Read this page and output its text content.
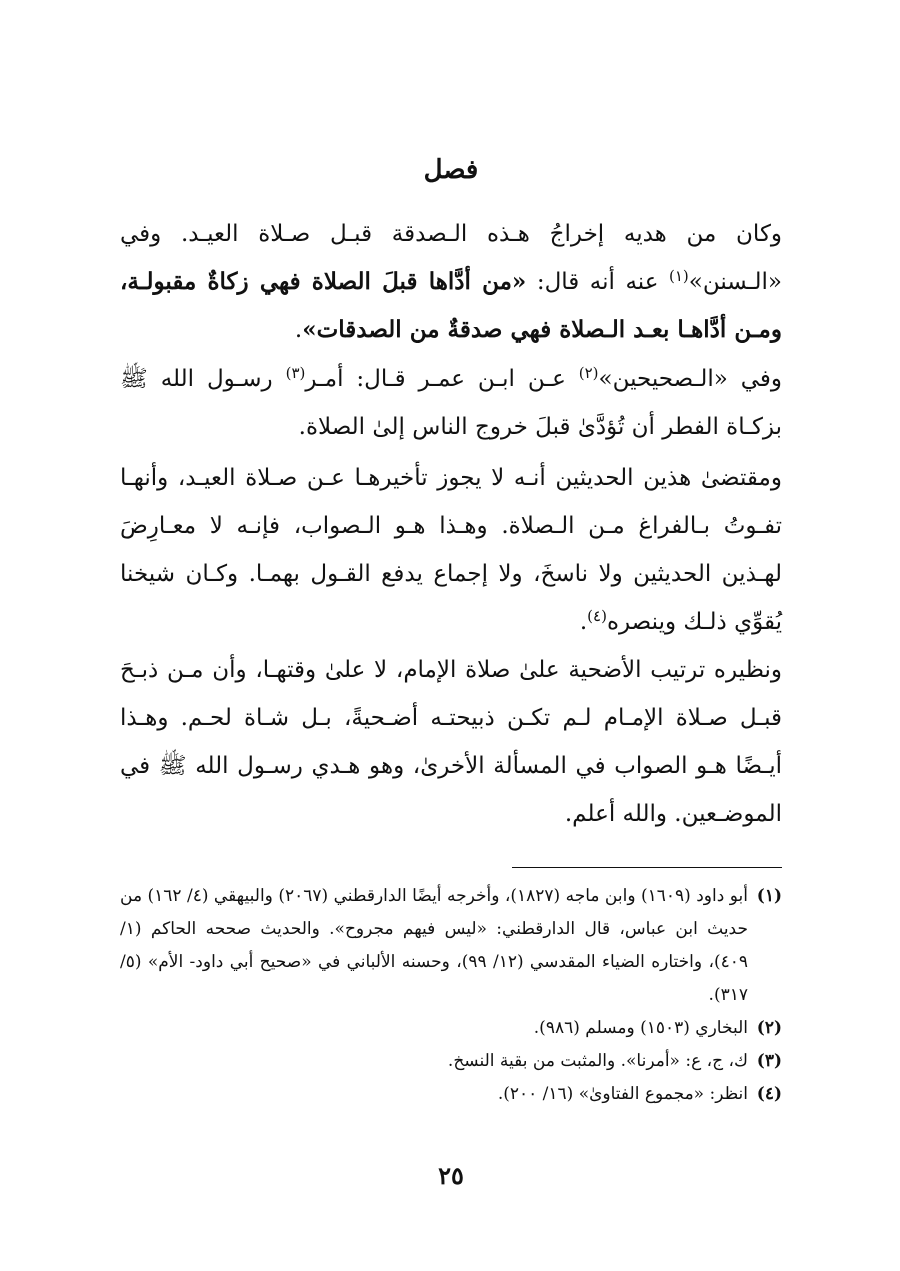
فصل

وكان من هديه إخراجُ هـذه الـصدقة قبـل صـلاة العيـد. وفي «الـسنن»$^{(١)}$ عنه أنه قال: «من أدَّاها قبلَ الصلاة فهي زكاةٌ مقبولـة، ومـن أدَّاهـا بعـد الـصلاة فهي صدقةٌ من الصدقات».

وفي «الـصحيحين»$^{(٢)}$ عـن ابـن عمـر قـال: أمـر$^{(٣)}$ رسـول الله ﷺ بزكـاة الفطر أن تُؤدَّىٰ قبلَ خروج الناس إلىٰ الصلاة.

ومقتضىٰ هذين الحديثين أنـه لا يجوز تأخيرهـا عـن صـلاة العيـد، وأنهـا تفـوتُ بـالفراغ مـن الـصلاة. وهـذا هـو الـصواب، فإنـه لا معـارِضَ لهـذين الحديثين ولا ناسخَ، ولا إجماع يدفع القـول بهمـا. وكـان شيخنا يُقوِّي ذلـك وينصره$^{(٤)}$.

ونظيره ترتيب الأضحية علىٰ صلاة الإمام، لا علىٰ وقتهـا، وأن مـن ذبـحَ قبـل صـلاة الإمـام لـم تكـن ذبيحتـه أضـحيةً، بـل شـاة لحـم. وهـذا أيـضًا هـو الصواب في المسألة الأخرىٰ، وهو هـدي رسـول الله ﷺ في الموضـعين. والله أعلم.

(١)
أبو داود (١٦٠٩) وابن ماجه (١٨٢٧)، وأخرجه أيضًا الدارقطني (٢٠٦٧) والبيهقي (٤/ ١٦٢) من حديث ابن عباس، قال الدارقطني: «ليس فيهم مجروح». والحديث صححه الحاكم (١/ ٤٠٩)، واختاره الضياء المقدسي (١٢/ ٩٩)، وحسنه الألباني في «صحيح أبي داود- الأم» (٥/ ٣١٧).
(٢)
البخاري (١٥٠٣) ومسلم (٩٨٦).
(٣)
ك، ج، ع: «أمرنا». والمثبت من بقية النسخ.
(٤)
انظر: «مجموع الفتاوىٰ» (١٦/ ٢٠٠).
٢٥
